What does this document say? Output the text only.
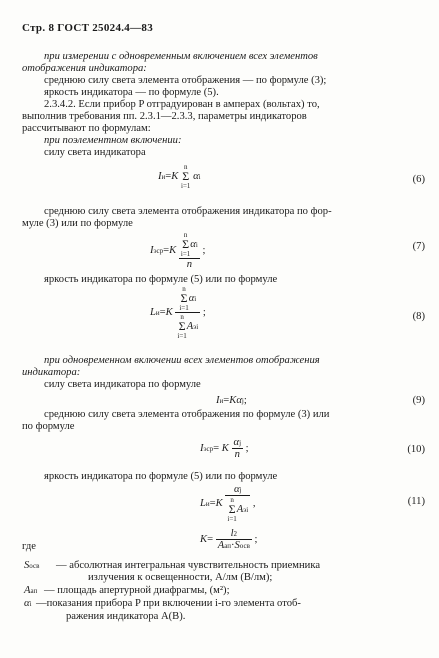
Стр. 8 ГОСТ 25024.4—83
при измерении с одновременным включением всех элементов
отображения индикатора:
среднюю силу света элемента отображения — по формуле (3);
яркость индикатора — по формуле (5).
2.3.4.2. Если прибор P отградуирован в амперах (вольтах) то,
выполнив требования пп. 2.3.1—2.3.3, параметры индикаторов
рассчитывают по формулам:
при поэлементном включении:
силу света индикатора
Iи=K
n
Σ
i=1
αi	(6)
среднюю силу света элемента отображения индикатора по фор-
муле (3) или по формуле
Iэср=K n
Σ
i=1
αi
n ;	(7)
яркость индикатора по формуле (5) или по формуле
Lи=K n
Σ
i=1
αi
n
Σ
i=1
Aэi ;	(8)
при одновременном включении всех элементов отображения
индикатора:
силу света индикатора по формуле
Iи=Kαj;	(9)
среднюю силу света элемента отображения по формуле (3) или
по формуле
Iэср= K $\frac{\alpha j}{n}$ ;	(10)
яркость индикатора по формуле (5) или по формуле
Lи=K αj
n
Σ
i=1
Aэi ,	(11)
где
$K= \frac{l2}{\text{Aап·Sосв}}$ ;
Sосв — абсолютная интегральная чувствительность приемника
излучения к освещенности, А/лм (В/лм);
Aап — площадь апертурной диафрагмы, (м²);
αi —показания прибора P при включении i-го элемента отоб-
ражения индикатора А(В).
